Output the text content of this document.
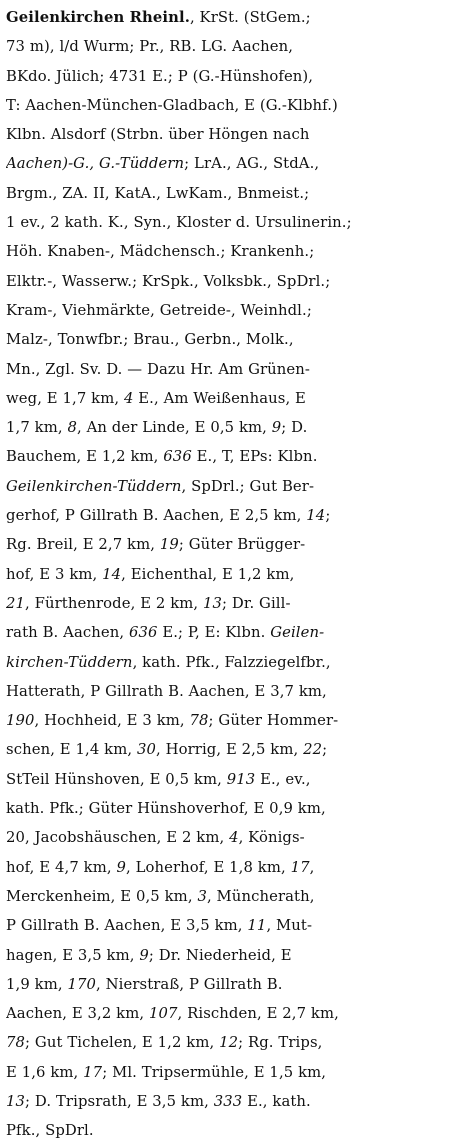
Geilenkirchen Rheinl., KrSt. (StGem.;
73 m), l/d Wurm; Pr., RB. LG. Aachen,
BKdo. Jülich; 4731 E.; P (G.-Hünshofen),
T: Aachen-München-Gladbach, E (G.-Klbhf.)
Klbn. Alsdorf (Strbn. über Höngen nach
Aachen)-G., G.-Tüddern; LrA., AG., StdA.,
Brgm., ZA. II, KatA., LwKam., Bnmeist.;
1 ev., 2 kath. K., Syn., Kloster d. Ursulinerin.;
Höh. Knaben-, Mädchensch.; Krankenh.;
Elktr.-, Wasserw.; KrSpk., Volksbk., SpDrl.;
Kram-, Viehmärkte, Getreide-, Weinhdl.;
Malz-, Tonwfbr.; Brau., Gerbn., Molk.,
Mn., Zgl. Sv. D. — Dazu Hr. Am Grünen-
weg, E 1,7 km, 4 E., Am Weißenhaus, E
1,7 km, 8, An der Linde, E 0,5 km, 9; D.
Bauchem, E 1,2 km, 636 E., T, EPs: Klbn.
Geilenkirchen-Tüddern, SpDrl.; Gut Ber-
gerhof, P Gillrath B. Aachen, E 2,5 km, 14;
Rg. Breil, E 2,7 km, 19; Güter Brügger-
hof, E 3 km, 14, Eichenthal, E 1,2 km,
21, Fürthenrode, E 2 km, 13; Dr. Gill-
rath B. Aachen, 636 E.; P, E: Klbn. Geilen-
kirchen-Tüddern, kath. Pfk., Falzziegelfbr.,
Hatterath, P Gillrath B. Aachen, E 3,7 km,
190, Hochheid, E 3 km, 78; Güter Hommer-
schen, E 1,4 km, 30, Horrig, E 2,5 km, 22;
StTeil Hünshoven, E 0,5 km, 913 E., ev.,
kath. Pfk.; Güter Hünshoverhof, E 0,9 km,
20, Jacobshäuschen, E 2 km, 4, Königs-
hof, E 4,7 km, 9, Loherhof, E 1,8 km, 17,
Merckenheim, E 0,5 km, 3, Müncherath,
P Gillrath B. Aachen, E 3,5 km, 11, Mut-
hagen, E 3,5 km, 9; Dr. Niederheid, E
1,9 km, 170, Nierstraß, P Gillrath B.
Aachen, E 3,2 km, 107, Rischden, E 2,7 km,
78; Gut Tichelen, E 1,2 km, 12; Rg. Trips,
E 1,6 km, 17; Ml. Tripsermühle, E 1,5 km,
13; D. Tripsrath, E 3,5 km, 333 E., kath.
Pfk., SpDrl.
